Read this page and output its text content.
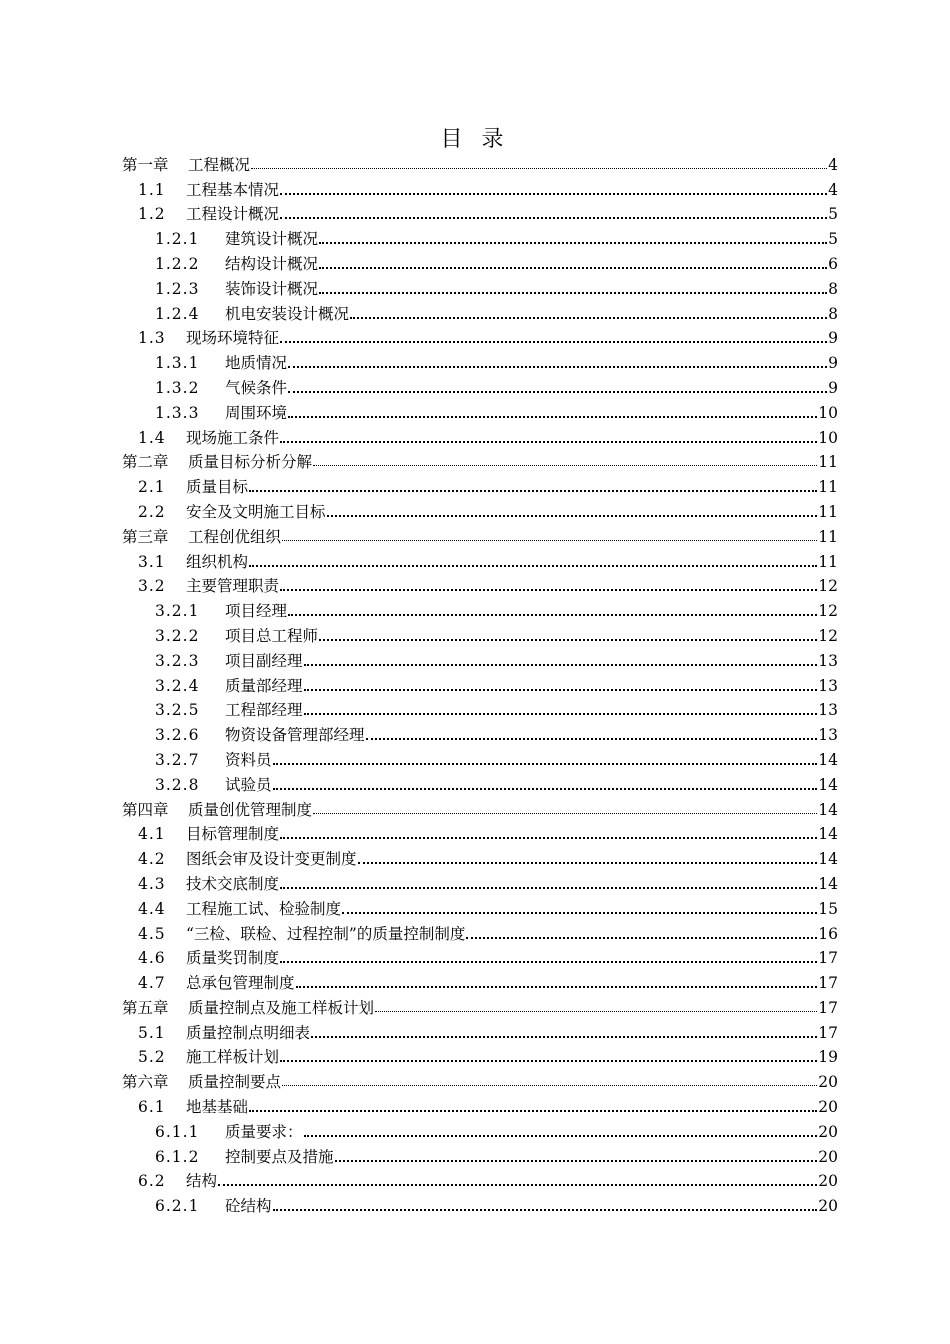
目 录
第一章	工程概况	4
1.1	工程基本情况	4
1.2	工程设计概况	5
1.2.1	建筑设计概况	5
1.2.2	结构设计概况	6
1.2.3	装饰设计概况	8
1.2.4	机电安装设计概况	8
1.3	现场环境特征	9
1.3.1	地质情况	9
1.3.2	气候条件	9
1.3.3	周围环境	10
1.4	现场施工条件	10
第二章	质量目标分析分解	11
2.1	质量目标	11
2.2	安全及文明施工目标	11
第三章	工程创优组织	11
3.1	组织机构	11
3.2	主要管理职责	12
3.2.1	项目经理	12
3.2.2	项目总工程师	12
3.2.3	项目副经理	13
3.2.4	质量部经理	13
3.2.5	工程部经理	13
3.2.6	物资设备管理部经理	13
3.2.7	资料员	14
3.2.8	试验员	14
第四章	质量创优管理制度	14
4.1	目标管理制度	14
4.2	图纸会审及设计变更制度	14
4.3	技术交底制度	14
4.4	工程施工试、检验制度	15
4.5	“三检、联检、过程控制”的质量控制制度	16
4.6	质量奖罚制度	17
4.7	总承包管理制度	17
第五章	质量控制点及施工样板计划	17
5.1	质量控制点明细表	17
5.2	施工样板计划	19
第六章	质量控制要点	20
6.1	地基基础	20
6.1.1	质量要求：	20
6.1.2	控制要点及措施	20
6.2	结构	20
6.2.1	砼结构	20
